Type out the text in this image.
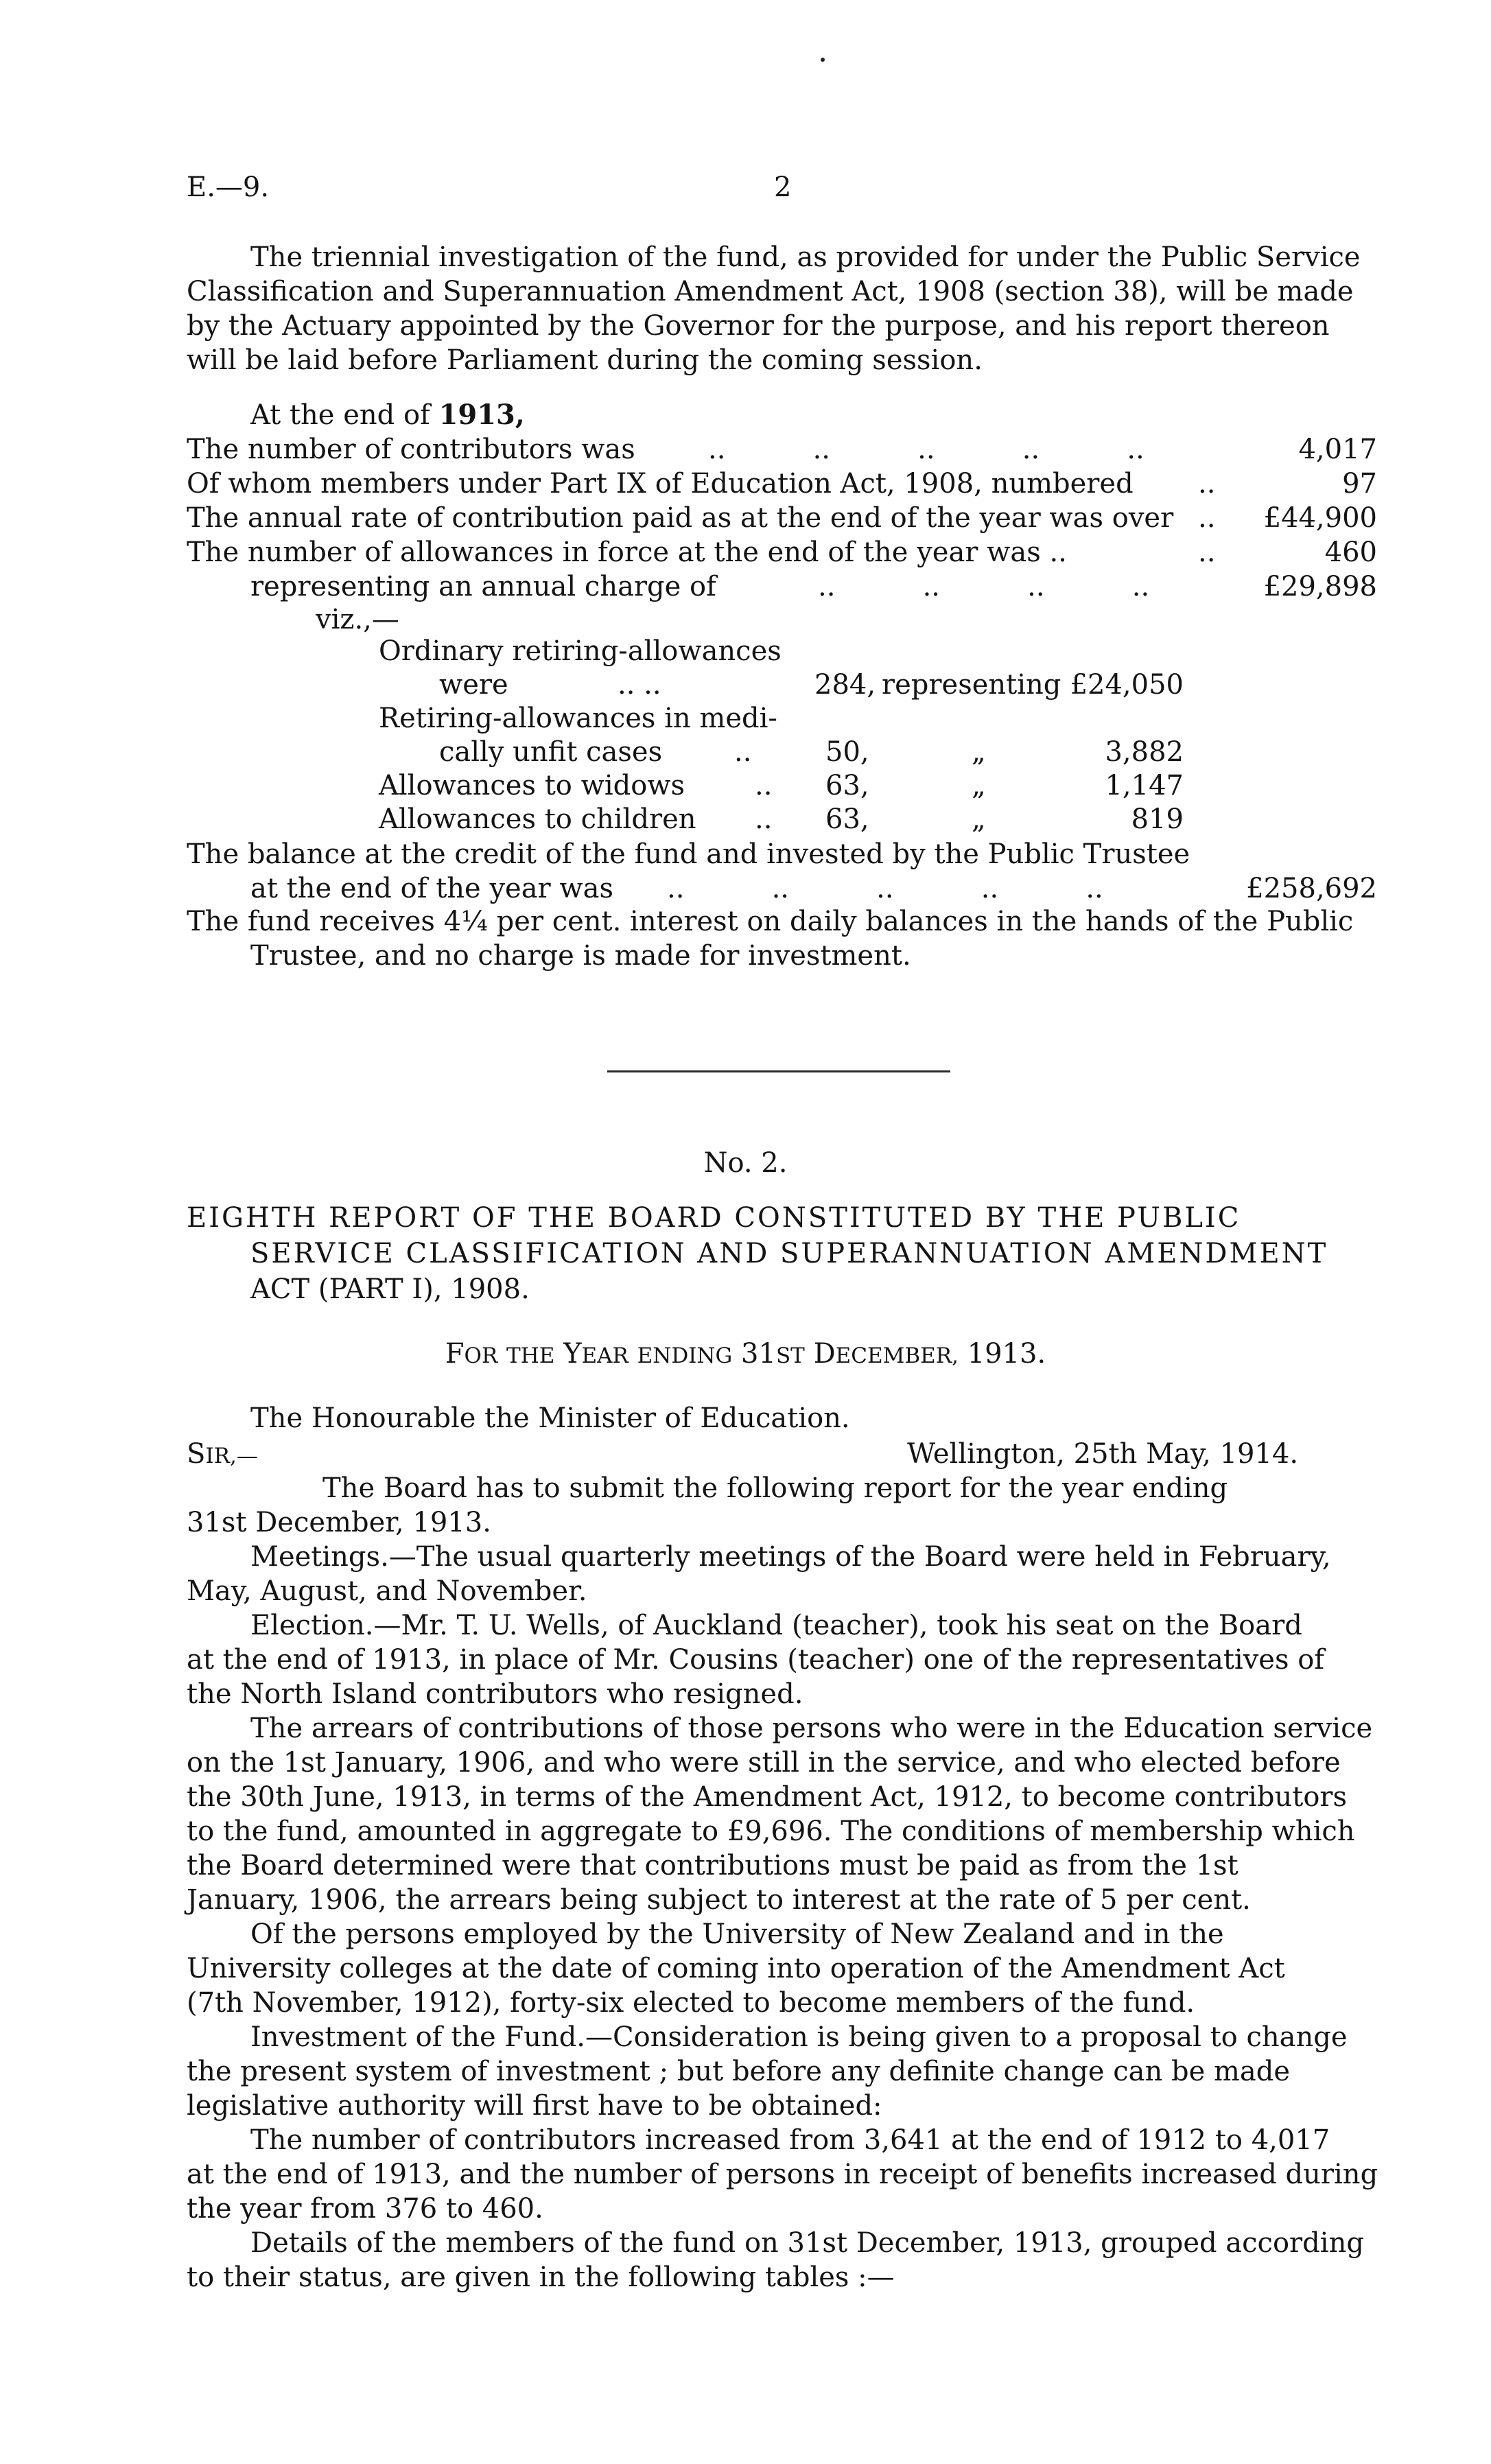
E.—9.	2
The triennial investigation of the fund, as provided for under the Public Service
Classification and Superannuation Amendment Act, 1908 (section 38), will be made
by the Actuary appointed by the Governor for the purpose, and his report thereon
will be laid before Parliament during the coming session.
At the end of 1913,
The number of contributors was	..          ..          ..          ..          ..	4,017
Of whom members under Part IX of Education Act, 1908, numbered ..	97
The annual rate of contribution paid as at the end of the year was over .. £44,900
The number of allowances in force at the end of the year was ..	..	460
representing an annual charge of	..          ..          ..          ..	£29,898
viz.,—
Ordinary retiring-allowances
were	.. ..	284, representing £24,050
Retiring-allowances in medi-
cally unfit cases	..	50,	„	3,882
Allowances to widows	.. 63,	„	1,147
Allowances to children .. 63,	„	819
The balance at the credit of the fund and invested by the Public Trustee
at the end of the year was ..          ..          ..          ..          ..	£258,692
The fund receives 4¼ per cent. interest on daily balances in the hands of the Public
Trustee, and no charge is made for investment.
No. 2.
EIGHTH REPORT OF THE BOARD CONSTITUTED BY THE PUBLIC
SERVICE CLASSIFICATION AND SUPERANNUATION AMENDMENT
ACT (PART I), 1908.
FOR THE YEAR ENDING 31ST DECEMBER, 1913.
The Honourable the Minister of Education.
SIR,—	Wellington, 25th May, 1914.
The Board has to submit the following report for the year ending
31st December, 1913.
Meetings.—The usual quarterly meetings of the Board were held in February,
May, August, and November.
Election.—Mr. T. U. Wells, of Auckland (teacher), took his seat on the Board
at the end of 1913, in place of Mr. Cousins (teacher) one of the representatives of
the North Island contributors who resigned.
The arrears of contributions of those persons who were in the Education service
on the 1st January, 1906, and who were still in the service, and who elected before
the 30th June, 1913, in terms of the Amendment Act, 1912, to become contributors
to the fund, amounted in aggregate to £9,696. The conditions of membership which
the Board determined were that contributions must be paid as from the 1st
January, 1906, the arrears being subject to interest at the rate of 5 per cent.
Of the persons employed by the University of New Zealand and in the
University colleges at the date of coming into operation of the Amendment Act
(7th November, 1912), forty-six elected to become members of the fund.
Investment of the Fund.—Consideration is being given to a proposal to change
the present system of investment ; but before any definite change can be made
legislative authority will first have to be obtained:
The number of contributors increased from 3,641 at the end of 1912 to 4,017
at the end of 1913, and the number of persons in receipt of benefits increased during
the year from 376 to 460.
Details of the members of the fund on 31st December, 1913, grouped according
to their status, are given in the following tables :—
